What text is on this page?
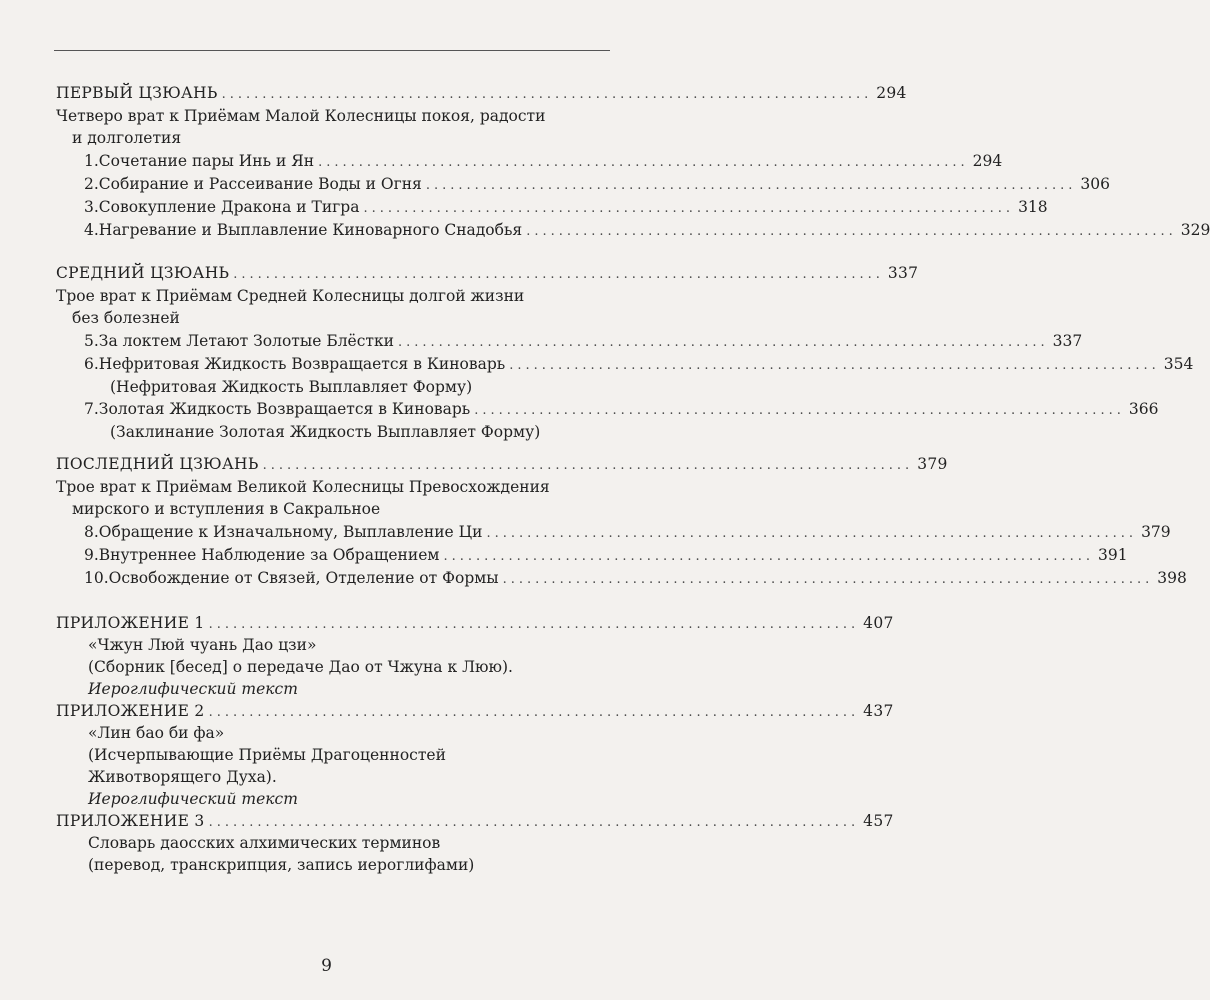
ПЕРВЫЙ ЦЗЮАНЬ ................................................................................ 294
Четверо врат к Приёмам Малой Колесницы покоя, радости
и долголетия
1. Сочетание пары Инь и Ян ................................................................................ 294
2. Собирание и Рассеивание Воды и Огня ................................................................................ 306
3. Совокупление Дракона и Тигра ................................................................................ 318
4. Нагревание и Выплавление Киноварного Снадобья ................................................................................ 329
СРЕДНИЙ ЦЗЮАНЬ ................................................................................ 337
Трое врат к Приёмам Средней Колесницы долгой жизни
без болезней
5. За локтем Летают Золотые Блёстки ................................................................................ 337
6. Нефритовая Жидкость Возвращается в Киноварь ................................................................................ 354
(Нефритовая Жидкость Выплавляет Форму)
7. Золотая Жидкость Возвращается в Киноварь ................................................................................ 366
(Заклинание Золотая Жидкость Выплавляет Форму)
ПОСЛЕДНИЙ ЦЗЮАНЬ ................................................................................ 379
Трое врат к Приёмам Великой Колесницы Превосхождения
мирского и вступления в Сакральное
8. Обращение к Изначальному, Выплавление Ци ................................................................................ 379
9. Внутреннее Наблюдение за Обращением ................................................................................ 391
10. Освобождение от Связей, Отделение от Формы ................................................................................ 398
ПРИЛОЖЕНИЕ 1 ................................................................................ 407
«Чжун Люй чуань Дао цзи»
(Сборник [бесед] о передаче Дао от Чжуна к Люю).
Иероглифический текст
ПРИЛОЖЕНИЕ 2 ................................................................................ 437
«Лин бао би фа»
(Исчерпывающие Приёмы Драгоценностей
Животворящего Духа).
Иероглифический текст
ПРИЛОЖЕНИЕ 3 ................................................................................ 457
Словарь даосских алхимических терминов
(перевод, транскрипция, запись иероглифами)
9
